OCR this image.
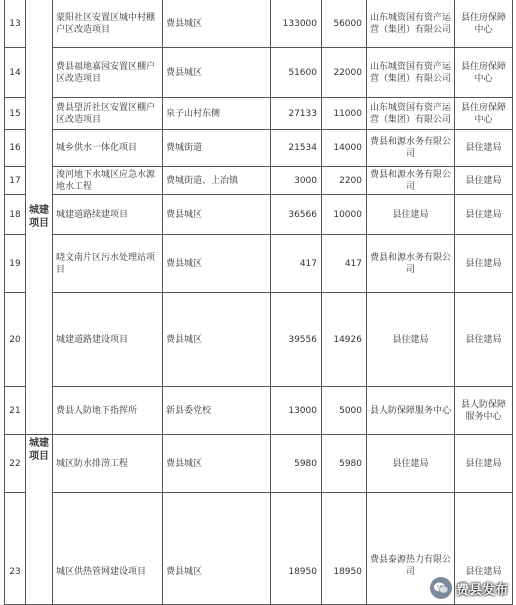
13	城建项目	蒙阳社区安置区城中村棚户区改造项目	费县城区	133000	56000	山东城资国有资产运营（集团）有限公司	县住房保障中心
14		费县福地嘉园安置区棚户区改造项目	费县城区	51600	22000	山东城资国有资产运营（集团）有限公司	县住房保障中心
15		费县望沂社区安置区棚户区改造项目	泉子山村东侧	27133	11000	山东城资国有资产运营（集团）有限公司	县住房保障中心
16		城乡供水一体化项目	费城街道	21534	14000	费县和源水务有限公司	县住建局
17		浚河地下水城区应急水源地水工程	费城街道、上冶镇	3000	2200	费县和源水务有限公司	县住建局
18		城建道路续建项目	费县城区	36566	10000	县住建局	县住建局
19		晓文南片区污水处理站项目	费县城区	417	417	费县和源水务有限公司	县住建局
20		城建道路建设项目	费县城区	39556	14926	县住建局	县住建局
21		费县人防地下指挥所	新县委党校	13000	5000	县人防保障服务中心	县人防保障服务中心
22	城建项目	城区防水排涝工程	费县城区	5980	5980	县住建局	县住建局
23		城区供热管网建设项目	费县城区	18950	18950	费县泰源热力有限公司	县住建局
费县发布
